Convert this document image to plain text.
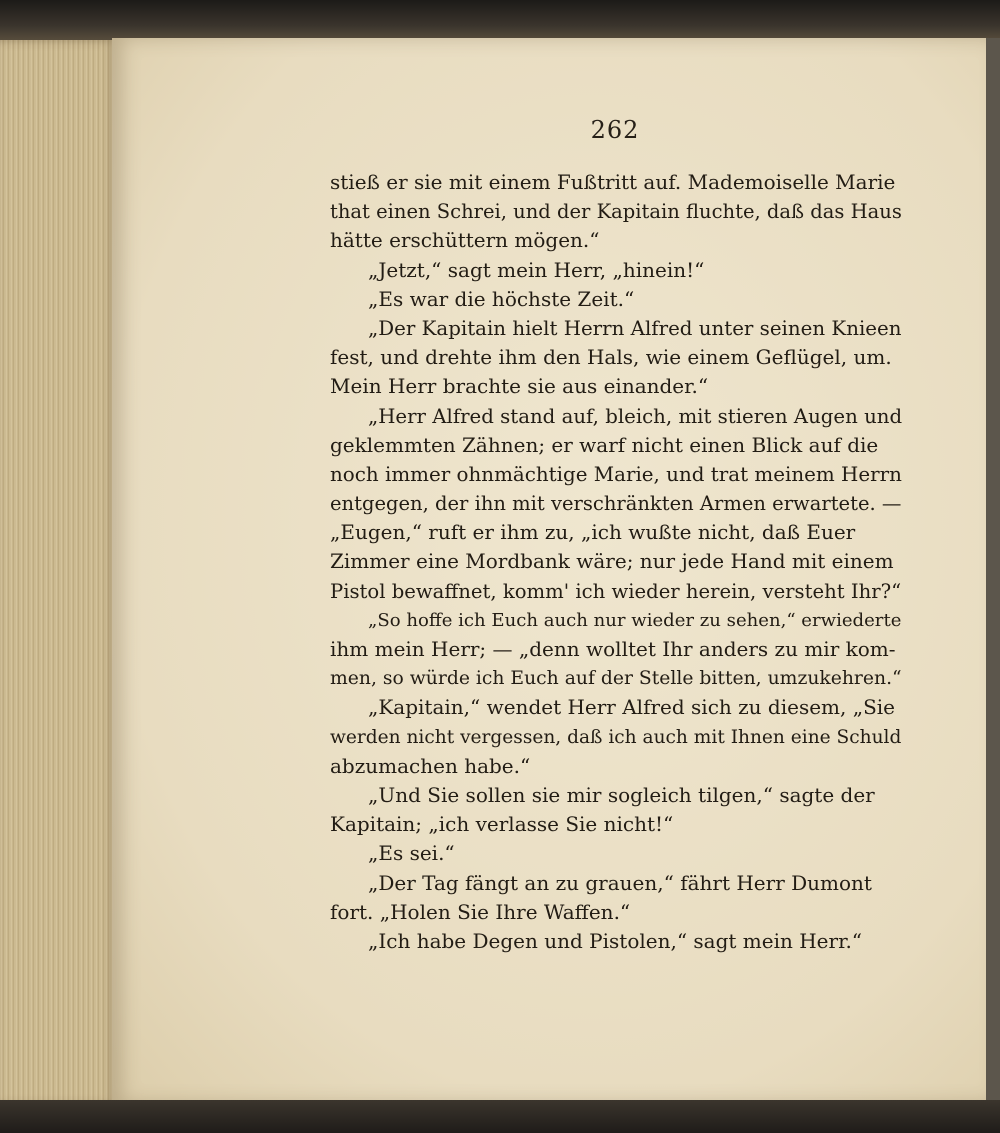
262
stieß er sie mit einem Fußtritt auf. Mademoiselle Marie
that einen Schrei, und der Kapitain fluchte, daß das Haus
hätte erschüttern mögen.“
„Jetzt,“ sagt mein Herr, „hinein!“
„Es war die höchste Zeit.“
„Der Kapitain hielt Herrn Alfred unter seinen Knieen
fest, und drehte ihm den Hals, wie einem Geflügel, um.
Mein Herr brachte sie aus einander.“
„Herr Alfred stand auf, bleich, mit stieren Augen und
geklemmten Zähnen; er warf nicht einen Blick auf die
noch immer ohnmächtige Marie, und trat meinem Herrn
entgegen, der ihn mit verschränkten Armen erwartete. —
„Eugen,“ ruft er ihm zu, „ich wußte nicht, daß Euer
Zimmer eine Mordbank wäre; nur jede Hand mit einem
Pistol bewaffnet, komm' ich wieder herein, versteht Ihr?“
„So hoffe ich Euch auch nur wieder zu sehen,“ erwiederte
ihm mein Herr; — „denn wolltet Ihr anders zu mir kom-
men, so würde ich Euch auf der Stelle bitten, umzukehren.“
„Kapitain,“ wendet Herr Alfred sich zu diesem, „Sie
werden nicht vergessen, daß ich auch mit Ihnen eine Schuld
abzumachen habe.“
„Und Sie sollen sie mir sogleich tilgen,“ sagte der
Kapitain; „ich verlasse Sie nicht!“
„Es sei.“
„Der Tag fängt an zu grauen,“ fährt Herr Dumont
fort. „Holen Sie Ihre Waffen.“
„Ich habe Degen und Pistolen,“ sagt mein Herr.“
